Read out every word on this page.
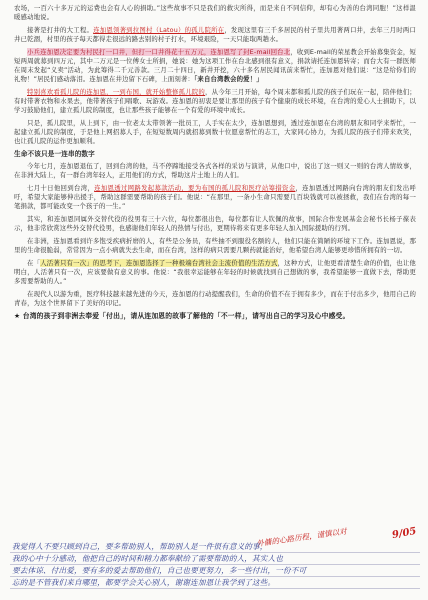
农场，一百六十多万元的运费也会有人心的捐助。”这些故事不只是我们的救灾所得，而是来自不同信仰，却有心为善的台湾同胞！”这样温暖感动地说。

接著是打井的大工程。连加恩领著到拉图村（Latou）的孤儿院所在，发现这里有三千多居民的村子里共用著两口井，去年三月时两口井已乾涸，村里的孩子每天都得走很远的路去别的村子打水，环境艰险，一天只能取两趟水。

小兵连加恩决定要为村民打一口井，但打一口井得花十五万元，连加恩写了封E-mail回台北，收到E-mail的荣星教会开始募集资金，短短两周就募到四万元，其中二万元是一位傅女士所捐，她说：她为这项工作在台北感到很有意义，捐款请托连加恩转寄；而台大有一群医师在周末发起“义卖”活动，为此筹得二千元善款。三月二十四日，新井开挖，六十多名居民闻讯前来帮忙，连加恩对他们说：“这是给你们的礼物！”居民们感动落泪。连加恩在井边留下石碑，上面刻著：「来自台湾教会的爱！」

特别喜欢看孤儿院的连加恩，一到布国，就开始整修孤儿院的，从今年三月开始，每个周末都和孤儿院的孩子们玩在一起，陪伴他们；有时带著衣物和水果去，他带著孩子们唱歌、玩游戏。连加恩的初衷是要让那里的孩子有个健康的成长环境，在台湾的爱心人士捐助下，以学习鼓励他们，建立孤儿院的制度，也让那些孩子能够在一个有爱的环境中成长。

只是，孤儿院里，从上到下，由一位老太太带领著一批员工，人手实在太少，连加恩想到，透过连加恩在台湾的朋友和同学来帮忙，一起建立孤儿院的制度，于是他上网招募人手，在短短数周内就招募到数十位愿意帮忙的志工，大家同心协力，为孤儿院的孩子们带来欢笑，也让孤儿院的运作更加顺利。

生命不该只是一连串的数字

今年七月，连加恩退伍了，回到台湾的他，马不停蹄地接受各式各样的采访与演讲，从他口中，说出了这一则又一则的台湾人情故事，在非洲大陆上，有一群台湾年轻人，正用他们的方式，帮助这片土地上的人们。

七月十日他回到台湾，连加恩透过网路发起募款活动，要为布国的孤儿院和医疗站筹措资金，连加恩透过网路向台湾的朋友们发出呼吁，希望大家能够伸出援手，帮助这群需要帮助的孩子们。他说：“在那里，一条小生命只需要几百块钱就可以被拯救，我们在台湾的每一笔捐款，都可能改变一个孩子的一生。”

其实，和连加恩同属外交替代役的役男有三十六位，每位都很出色，每位都有让人钦佩的故事，国际合作发展基金会秘书长杨子葆表示，他非常欣赏这些外交替代役男，也感谢他们年轻人的热情与付出，更期待将来有更多年轻人加入国际援助的行列。

在非洲，连加恩看到许多饱受疾病折磨的人，有些是公务员，有些抽不到服役名额的人，他们只能在简陋的环境下工作。连加恩说，那里的生命很脆弱，常常因为一点小病就失去生命，而在台湾，这样的病只需要几颗药就能治好，他希望台湾人能够更珍惜所拥有的一切。

在「人活著只有一次」的思考下，连加恩选择了一种极端台湾社会主流价值的生活方式，这种方式，让他更看清楚生命的价值，也让他明白，人活著只有一次，应该要做有意义的事。他说：“我很幸运能够在年轻的时候就找到自己想做的事，我希望能够一直做下去，帮助更多需要帮助的人。”

在现代人以游为重，医疗科技越来越先进的今天，连加恩的行动提醒我们，生命的价值不在于拥有多少，而在于付出多少，他用自己的青春，为这个世界留下了美好的印记。

★ 台湾的孩子到非洲去奉爱「付出」，请从连加恩的故事了解他的「不一样」，请写出自己的学习及心中感受。

外傭的心路历程，谨慎以对	9/05

我觉得人不要只顾到自己，要多帮助别人，帮助别人是一件很有意义的事，

我的心中十分感动，他把自己的时间和精力都奉献给了需要帮助的人，其实人也

要去体谅、付出爱，要有多的爱去帮助他们，自己也要更努力，多一些付出，一份不可

忘的是不管我们来自哪里，都要学会关心别人，谢谢连加恩让我学到了这些。
